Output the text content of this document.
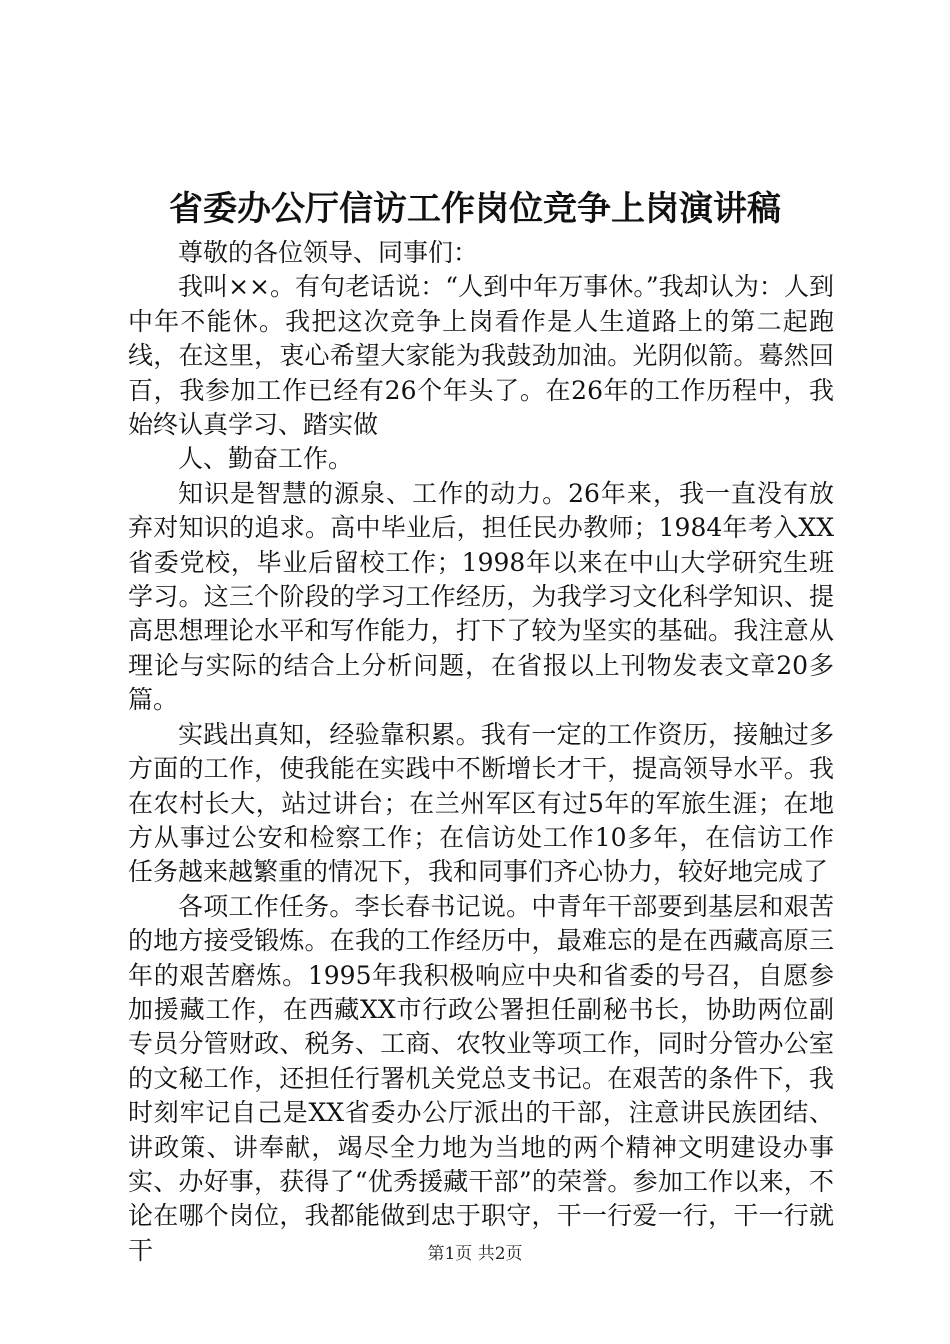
省委办公厅信访工作岗位竞争上岗演讲稿

尊敬的各位领导、同事们：

我叫××。有句老话说：“人到中年万事休。”我却认为：人到中年不能休。我把这次竞争上岗看作是人生道路上的第二起跑线，在这里，衷心希望大家能为我鼓劲加油。光阴似箭。蓦然回百，我参加工作已经有26个年头了。在26年的工作历程中，我始终认真学习、踏实做

人、勤奋工作。

知识是智慧的源泉、工作的动力。26年来，我一直没有放弃对知识的追求。高中毕业后，担任民办教师；1984年考入XX省委党校，毕业后留校工作；1998年以来在中山大学研究生班学习。这三个阶段的学习工作经历，为我学习文化科学知识、提高思想理论水平和写作能力，打下了较为坚实的基础。我注意从理论与实际的结合上分析问题，在省报以上刊物发表文章20多篇。

实践出真知，经验靠积累。我有一定的工作资历，接触过多方面的工作，使我能在实践中不断增长才干，提高领导水平。我在农村长大，站过讲台；在兰州军区有过5年的军旅生涯；在地方从事过公安和检察工作；在信访处工作10多年，在信访工作任务越来越繁重的情况下，我和同事们齐心协力，较好地完成了

各项工作任务。李长春书记说。中青年干部要到基层和艰苦的地方接受锻炼。在我的工作经历中，最难忘的是在西藏高原三年的艰苦磨炼。1995年我积极响应中央和省委的号召，自愿参加援藏工作，在西藏XX市行政公署担任副秘书长，协助两位副专员分管财政、税务、工商、农牧业等项工作，同时分管办公室的文秘工作，还担任行署机关党总支书记。在艰苦的条件下，我时刻牢记自己是XX省委办公厅派出的干部，注意讲民族团结、讲政策、讲奉献，竭尽全力地为当地的两个精神文明建设办事实、办好事，获得了“优秀援藏干部”的荣誉。参加工作以来，不论在哪个岗位，我都能做到忠于职守，干一行爱一行，干一行就干	第1页 共2页
